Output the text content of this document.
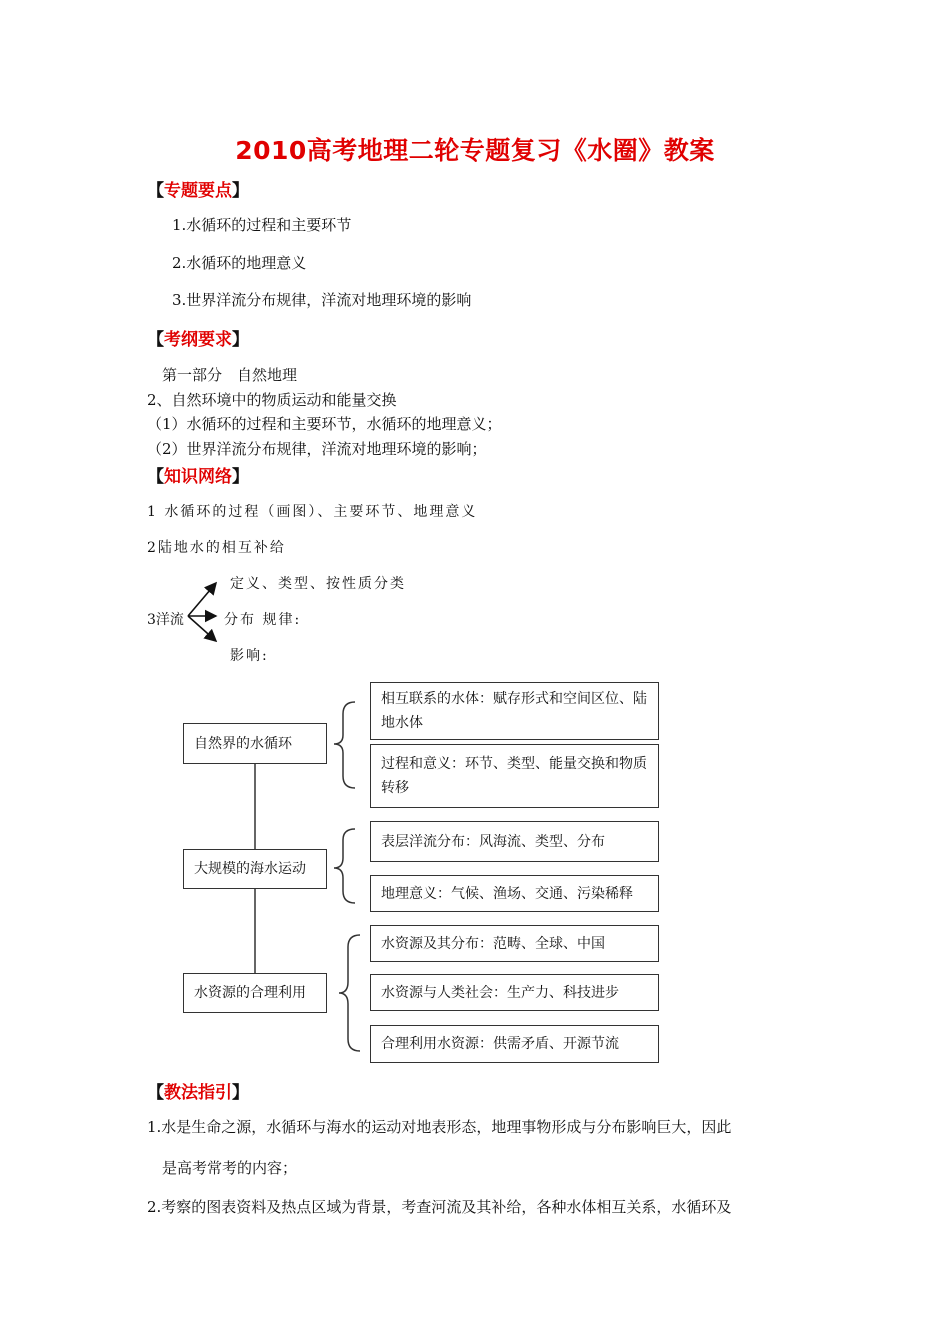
2010高考地理二轮专题复习《水圈》教案
【专题要点】
1.水循环的过程和主要环节
2.水循环的地理意义
3.世界洋流分布规律，洋流对地理环境的影响
【考纲要求】
第一部分　自然地理
2、自然环境中的物质运动和能量交换
（1）水循环的过程和主要环节，水循环的地理意义；
（2）世界洋流分布规律，洋流对地理环境的影响；
【知识网络】
1 水循环的过程（画图）、主要环节、地理意义
2陆地水的相互补给
定义、类型、按性质分类
3洋流	分布 规律:
影响:
自然界的水循环
大规模的海水运动
水资源的合理利用
相互联系的水体：赋存形式和空间区位、陆地水体
过程和意义：环节、类型、能量交换和物质转移
表层洋流分布：风海流、类型、分布
地理意义：气候、渔场、交通、污染稀释
水资源及其分布：范畴、全球、中国
水资源与人类社会：生产力、科技进步
合理利用水资源：供需矛盾、开源节流
【教法指引】
1.水是生命之源，水循环与海水的运动对地表形态，地理事物形成与分布影响巨大，因此
是高考常考的内容；
2.考察的图表资料及热点区域为背景，考查河流及其补给，各种水体相互关系，水循环及
